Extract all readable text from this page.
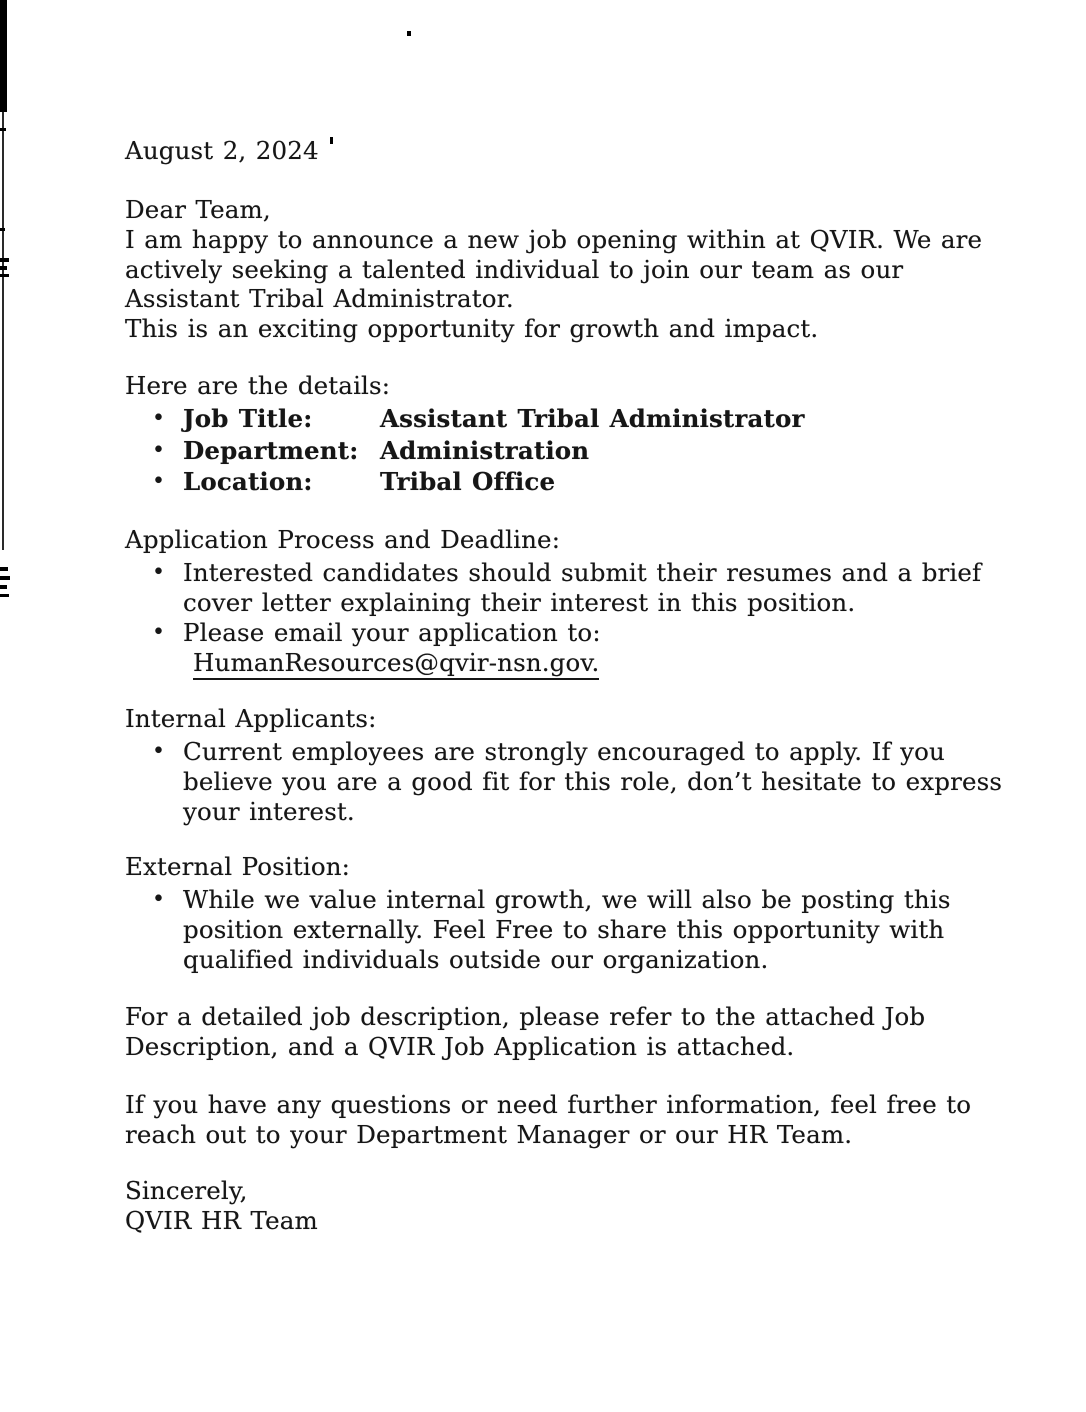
August 2, 2024
Dear Team,
I am happy to announce a new job opening within at QVIR. We are
actively seeking a talented individual to join our team as our
Assistant Tribal Administrator.
This is an exciting opportunity for growth and impact.
Here are the details:
• Job Title:	Assistant Tribal Administrator
• Department: Administration
• Location:	Tribal Office
Application Process and Deadline:
• Interested candidates should submit their resumes and a brief
cover letter explaining their interest in this position.
• Please email your application to:
HumanResources@qvir-nsn.gov.
Internal Applicants:
• Current employees are strongly encouraged to apply. If you
believe you are a good fit for this role, don’t hesitate to express
your interest.
External Position:
• While we value internal growth, we will also be posting this
position externally. Feel Free to share this opportunity with
qualified individuals outside our organization.
For a detailed job description, please refer to the attached Job
Description, and a QVIR Job Application is attached.
If you have any questions or need further information, feel free to
reach out to your Department Manager or our HR Team.
Sincerely,
QVIR HR Team
